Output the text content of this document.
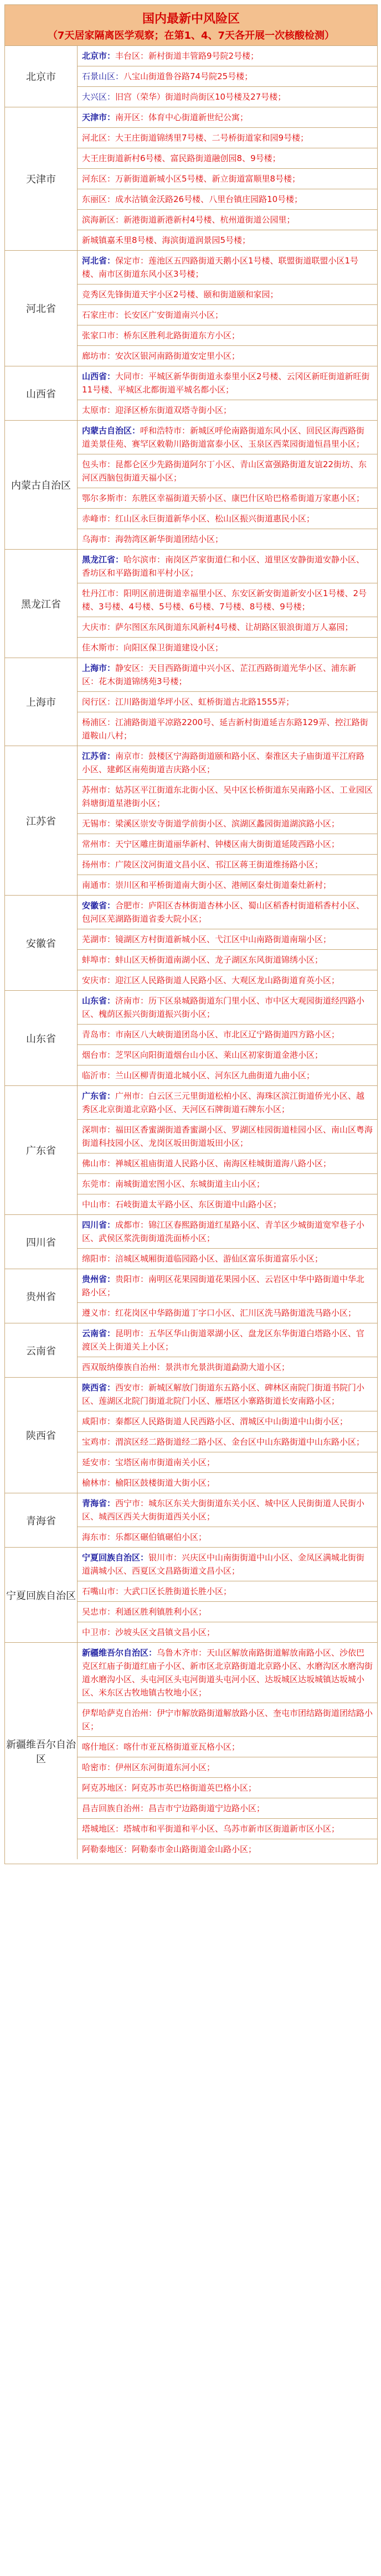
国内最新中风险区
（7天居家隔离医学观察；在第1、4、7天各开展一次核酸检测）
北京市
北京市：丰台区：新村街道丰管路9号院2号楼；
石景山区：八宝山街道鲁谷路74号院25号楼；
大兴区：旧宫（荣华）街道时尚街区10号楼及27号楼；
天津市
天津市：南开区：体育中心街道新世纪公寓；
河北区：大王庄街道锦绣里7号楼、二号桥街道家和园9号楼；
大王庄街道新村6号楼、富民路街道融创园8、9号楼；
河东区：万新街道新城小区5号楼、新立街道富顺里8号楼；
东丽区：成水沽镇金沃路26号楼、八里台镇庄园路10号楼；
滨海新区：新港街道新港新村4号楼、杭州道街道公园里；
新城镇嘉禾里8号楼、海滨街道润景园5号楼；
河北省
河北省：保定市：莲池区五四路街道天鹅小区1号楼、联盟街道联盟小区1号楼、南市区街道东风小区3号楼；
竞秀区先锋街道天宇小区2号楼、颐和街道颐和家园；
石家庄市：长安区广安街道南兴小区；
张家口市：桥东区胜利北路街道东方小区；
廊坊市：安次区银河南路街道安定里小区；
山西省
山西省：大同市：平城区新华街街道永泰里小区2号楼、云冈区新旺街道新旺街11号楼、平城区北都街道平城名都小区；
太原市：迎泽区桥东街道双塔寺街小区；
内蒙古自治区
内蒙古自治区：呼和浩特市：新城区呼伦南路街道东风小区、回民区海西路街道美景佳苑、赛罕区敕勒川路街道富泰小区、玉泉区西菜园街道恒昌里小区；
包头市：昆都仑区少先路街道阿尔丁小区、青山区富强路街道友谊22街坊、东河区西脑包街道天福小区；
鄂尔多斯市：东胜区幸福街道天骄小区、康巴什区哈巴格希街道万家惠小区；
赤峰市：红山区永巨街道新华小区、松山区振兴街道惠民小区；
乌海市：海勃湾区新华街道团结小区；
黑龙江省
黑龙江省：哈尔滨市：南岗区芦家街道仁和小区、道里区安静街道安静小区、香坊区和平路街道和平村小区；
牡丹江市：阳明区前进街道幸福里小区、东安区新安街道新安小区1号楼、2号楼、3号楼、4号楼、5号楼、6号楼、7号楼、8号楼、9号楼；
大庆市：萨尔图区东风街道东风新村4号楼、让胡路区银浪街道万人嘉园；
佳木斯市：向阳区保卫街道建设小区；
上海市
上海市：静安区：天目西路街道中兴小区、芷江西路街道光华小区、浦东新区：花木街道锦绣苑3号楼；
闵行区：江川路街道华坪小区、虹桥街道古北路1555弄；
杨浦区：江浦路街道平凉路2200号、延吉新村街道延吉东路129弄、控江路街道鞍山八村；
江苏省
江苏省：南京市：鼓楼区宁海路街道颐和路小区、秦淮区夫子庙街道平江府路小区、建邺区南苑街道吉庆路小区；
苏州市：姑苏区平江街道东北街小区、吴中区长桥街道东吴南路小区、工业园区斜塘街道星港街小区；
无锡市：梁溪区崇安寺街道学前街小区、滨湖区蠡园街道湖滨路小区；
常州市：天宁区雕庄街道丽华新村、钟楼区南大街街道延陵西路小区；
扬州市：广陵区汶河街道文昌小区、邗江区蒋王街道维扬路小区；
南通市：崇川区和平桥街道南大街小区、港闸区秦灶街道秦灶新村；
安徽省
安徽省：合肥市：庐阳区杏林街道杏林小区、蜀山区稻香村街道稻香村小区、包河区芜湖路街道省委大院小区；
芜湖市：镜湖区方村街道新城小区、弋江区中山南路街道南瑞小区；
蚌埠市：蚌山区天桥街道南湖小区、龙子湖区东风街道锦绣小区；
安庆市：迎江区人民路街道人民路小区、大观区龙山路街道育英小区；
山东省
山东省：济南市：历下区泉城路街道东门里小区、市中区大观园街道经四路小区、槐荫区振兴街街道振兴街小区；
青岛市：市南区八大峡街道团岛小区、市北区辽宁路街道四方路小区；
烟台市：芝罘区向阳街道烟台山小区、莱山区初家街道金港小区；
临沂市：兰山区柳青街道北城小区、河东区九曲街道九曲小区；
广东省
广东省：广州市：白云区三元里街道松柏小区、海珠区滨江街道侨光小区、越秀区北京街道北京路小区、天河区石牌街道石牌东小区；
深圳市：福田区香蜜湖街道香蜜湖小区、罗湖区桂园街道桂园小区、南山区粤海街道科技园小区、龙岗区坂田街道坂田小区；
佛山市：禅城区祖庙街道人民路小区、南海区桂城街道海八路小区；
东莞市：南城街道宏图小区、东城街道主山小区；
中山市：石岐街道太平路小区、东区街道中山路小区；
四川省
四川省：成都市：锦江区春熙路街道红星路小区、青羊区少城街道宽窄巷子小区、武侯区浆洗街街道洗面桥小区；
绵阳市：涪城区城厢街道临园路小区、游仙区富乐街道富乐小区；
贵州省
贵州省：贵阳市：南明区花果园街道花果园小区、云岩区中华中路街道中华北路小区；
遵义市：红花岗区中华路街道丁字口小区、汇川区洗马路街道洗马路小区；
云南省
云南省：昆明市：五华区华山街道翠湖小区、盘龙区东华街道白塔路小区、官渡区关上街道关上小区；
西双版纳傣族自治州：景洪市允景洪街道勐泐大道小区；
陕西省
陕西省：西安市：新城区解放门街道东五路小区、碑林区南院门街道书院门小区、莲湖区北院门街道北院门小区、雁塔区小寨路街道长安南路小区；
咸阳市：秦都区人民路街道人民西路小区、渭城区中山街道中山街小区；
宝鸡市：渭滨区经二路街道经二路小区、金台区中山东路街道中山东路小区；
延安市：宝塔区南市街道南关小区；
榆林市：榆阳区鼓楼街道大街小区；
青海省
青海省：西宁市：城东区东关大街街道东关小区、城中区人民街街道人民街小区、城西区西关大街街道西关小区；
海东市：乐都区碾伯镇碾伯小区；
宁夏回族自治区
宁夏回族自治区：银川市：兴庆区中山南街街道中山小区、金凤区满城北街街道满城小区、西夏区文昌路街道文昌小区；
石嘴山市：大武口区长胜街道长胜小区；
吴忠市：利通区胜利镇胜利小区；
中卫市：沙坡头区文昌镇文昌小区；
新疆维吾尔自治区
新疆维吾尔自治区：乌鲁木齐市：天山区解放南路街道解放南路小区、沙依巴克区红庙子街道红庙子小区、新市区北京路街道北京路小区、水磨沟区水磨沟街道水磨沟小区、头屯河区头屯河街道头屯河小区、达坂城区达坂城镇达坂城小区、米东区古牧地镇古牧地小区；
伊犁哈萨克自治州：伊宁市解放路街道解放路小区、奎屯市团结路街道团结路小区；
喀什地区：喀什市亚瓦格街道亚瓦格小区；
哈密市：伊州区东河街道东河小区；
阿克苏地区：阿克苏市英巴格街道英巴格小区；
昌吉回族自治州：昌吉市宁边路街道宁边路小区；
塔城地区：塔城市和平街道和平小区、乌苏市新市区街道新市区小区；
阿勒泰地区：阿勒泰市金山路街道金山路小区；
